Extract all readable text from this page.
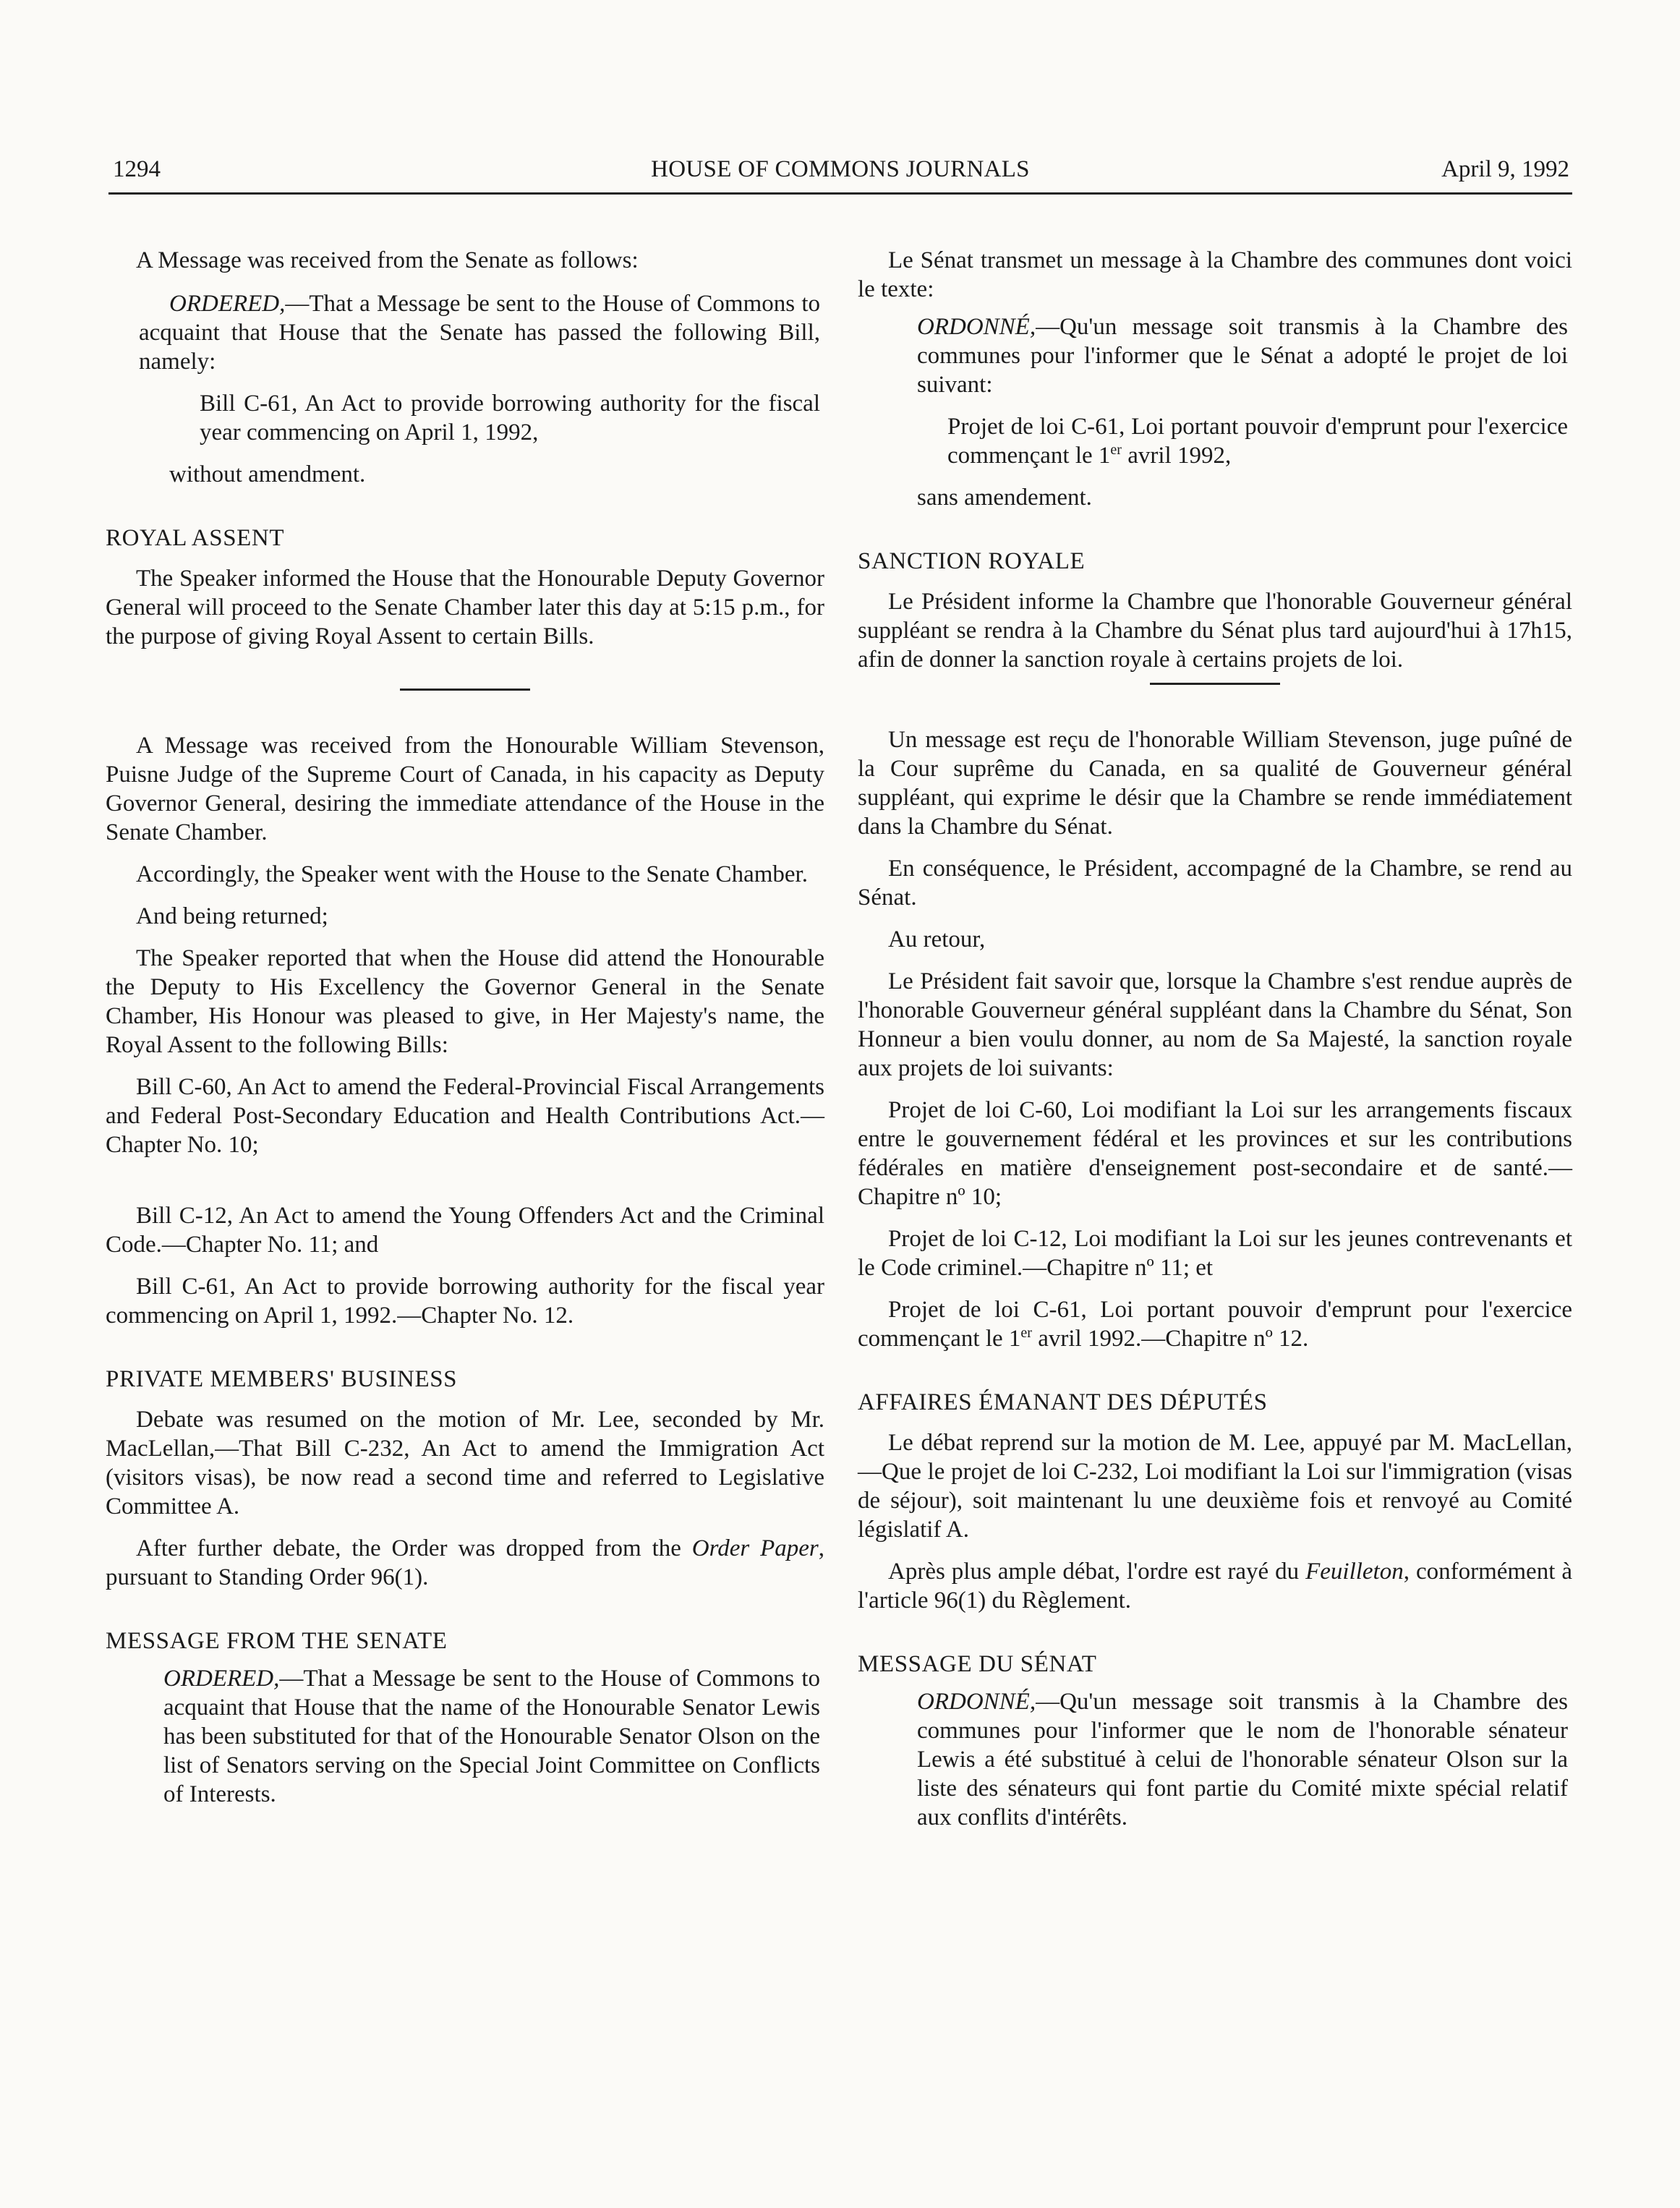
1294	HOUSE OF COMMONS JOURNALS	April 9, 1992

A Message was received from the Senate as follows:

ORDERED,—That a Message be sent to the House of Commons to acquaint that House that the Senate has passed the following Bill, namely:

Bill C-61, An Act to provide borrowing authority for the fiscal year commencing on April 1, 1992,

without amendment.

ROYAL ASSENT

The Speaker informed the House that the Honourable Deputy Governor General will proceed to the Senate Chamber later this day at 5:15 p.m., for the purpose of giving Royal Assent to certain Bills.

A Message was received from the Honourable William Stevenson, Puisne Judge of the Supreme Court of Canada, in his capacity as Deputy Governor General, desiring the immediate attendance of the House in the Senate Chamber.

Accordingly, the Speaker went with the House to the Senate Chamber.

And being returned;

The Speaker reported that when the House did attend the Honourable the Deputy to His Excellency the Governor General in the Senate Chamber, His Honour was pleased to give, in Her Majesty's name, the Royal Assent to the following Bills:

Bill C-60, An Act to amend the Federal-Provincial Fiscal Arrangements and Federal Post-Secondary Education and Health Contributions Act.—Chapter No. 10;

Bill C-12, An Act to amend the Young Offenders Act and the Criminal Code.—Chapter No. 11; and

Bill C-61, An Act to provide borrowing authority for the fiscal year commencing on April 1, 1992.—Chapter No. 12.

PRIVATE MEMBERS' BUSINESS

Debate was resumed on the motion of Mr. Lee, seconded by Mr. MacLellan,—That Bill C-232, An Act to amend the Immigration Act (visitors visas), be now read a second time and referred to Legislative Committee A.

After further debate, the Order was dropped from the Order Paper, pursuant to Standing Order 96(1).

MESSAGE FROM THE SENATE

ORDERED,—That a Message be sent to the House of Commons to acquaint that House that the name of the Honourable Senator Lewis has been substituted for that of the Honourable Senator Olson on the list of Senators serving on the Special Joint Committee on Conflicts of Interests.

Le Sénat transmet un message à la Chambre des communes dont voici le texte:

ORDONNÉ,—Qu'un message soit transmis à la Chambre des communes pour l'informer que le Sénat a adopté le projet de loi suivant:

Projet de loi C-61, Loi portant pouvoir d'emprunt pour l'exercice commençant le 1er avril 1992,

sans amendement.

SANCTION ROYALE

Le Président informe la Chambre que l'honorable Gouverneur général suppléant se rendra à la Chambre du Sénat plus tard aujourd'hui à 17h15, afin de donner la sanction royale à certains projets de loi.

Un message est reçu de l'honorable William Stevenson, juge puîné de la Cour suprême du Canada, en sa qualité de Gouverneur général suppléant, qui exprime le désir que la Chambre se rende immédiatement dans la Chambre du Sénat.

En conséquence, le Président, accompagné de la Chambre, se rend au Sénat.

Au retour,

Le Président fait savoir que, lorsque la Chambre s'est rendue auprès de l'honorable Gouverneur général suppléant dans la Chambre du Sénat, Son Honneur a bien voulu donner, au nom de Sa Majesté, la sanction royale aux projets de loi suivants:

Projet de loi C-60, Loi modifiant la Loi sur les arrangements fiscaux entre le gouvernement fédéral et les provinces et sur les contributions fédérales en matière d'enseignement post-secondaire et de santé.—Chapitre nº 10;

Projet de loi C-12, Loi modifiant la Loi sur les jeunes contrevenants et le Code criminel.—Chapitre nº 11; et

Projet de loi C-61, Loi portant pouvoir d'emprunt pour l'exercice commençant le 1er avril 1992.—Chapitre nº 12.

AFFAIRES ÉMANANT DES DÉPUTÉS

Le débat reprend sur la motion de M. Lee, appuyé par M. MacLellan,—Que le projet de loi C-232, Loi modifiant la Loi sur l'immigration (visas de séjour), soit maintenant lu une deuxième fois et renvoyé au Comité législatif A.

Après plus ample débat, l'ordre est rayé du Feuilleton, conformément à l'article 96(1) du Règlement.

MESSAGE DU SÉNAT

ORDONNÉ,—Qu'un message soit transmis à la Chambre des communes pour l'informer que le nom de l'honorable sénateur Lewis a été substitué à celui de l'honorable sénateur Olson sur la liste des sénateurs qui font partie du Comité mixte spécial relatif aux conflits d'intérêts.
